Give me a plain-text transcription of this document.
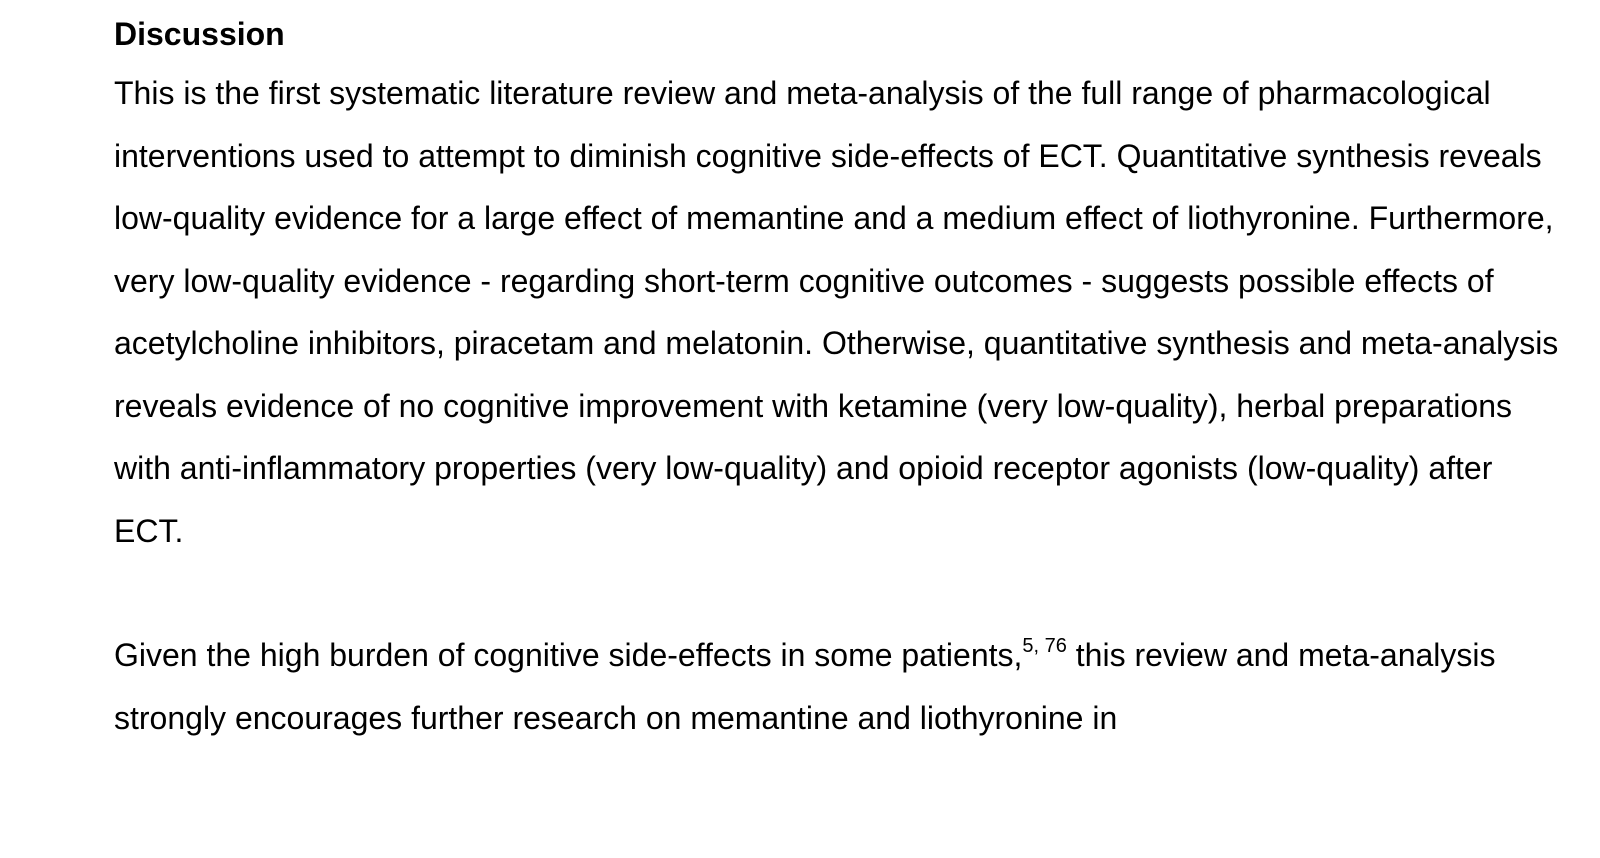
Discussion

This is the first systematic literature review and meta-analysis of the full range of pharmacological interventions used to attempt to diminish cognitive side-effects of ECT. Quantitative synthesis reveals low-quality evidence for a large effect of memantine and a medium effect of liothyronine. Furthermore, very low-quality evidence - regarding short-term cognitive outcomes - suggests possible effects of acetylcholine inhibitors, piracetam and melatonin. Otherwise, quantitative synthesis and meta-analysis reveals evidence of no cognitive improvement with ketamine (very low-quality), herbal preparations with anti-inflammatory properties (very low-quality) and opioid receptor agonists (low-quality) after ECT.

Given the high burden of cognitive side-effects in some patients,$^{5, 76}$ this review and meta-analysis strongly encourages further research on memantine and liothyronine in
